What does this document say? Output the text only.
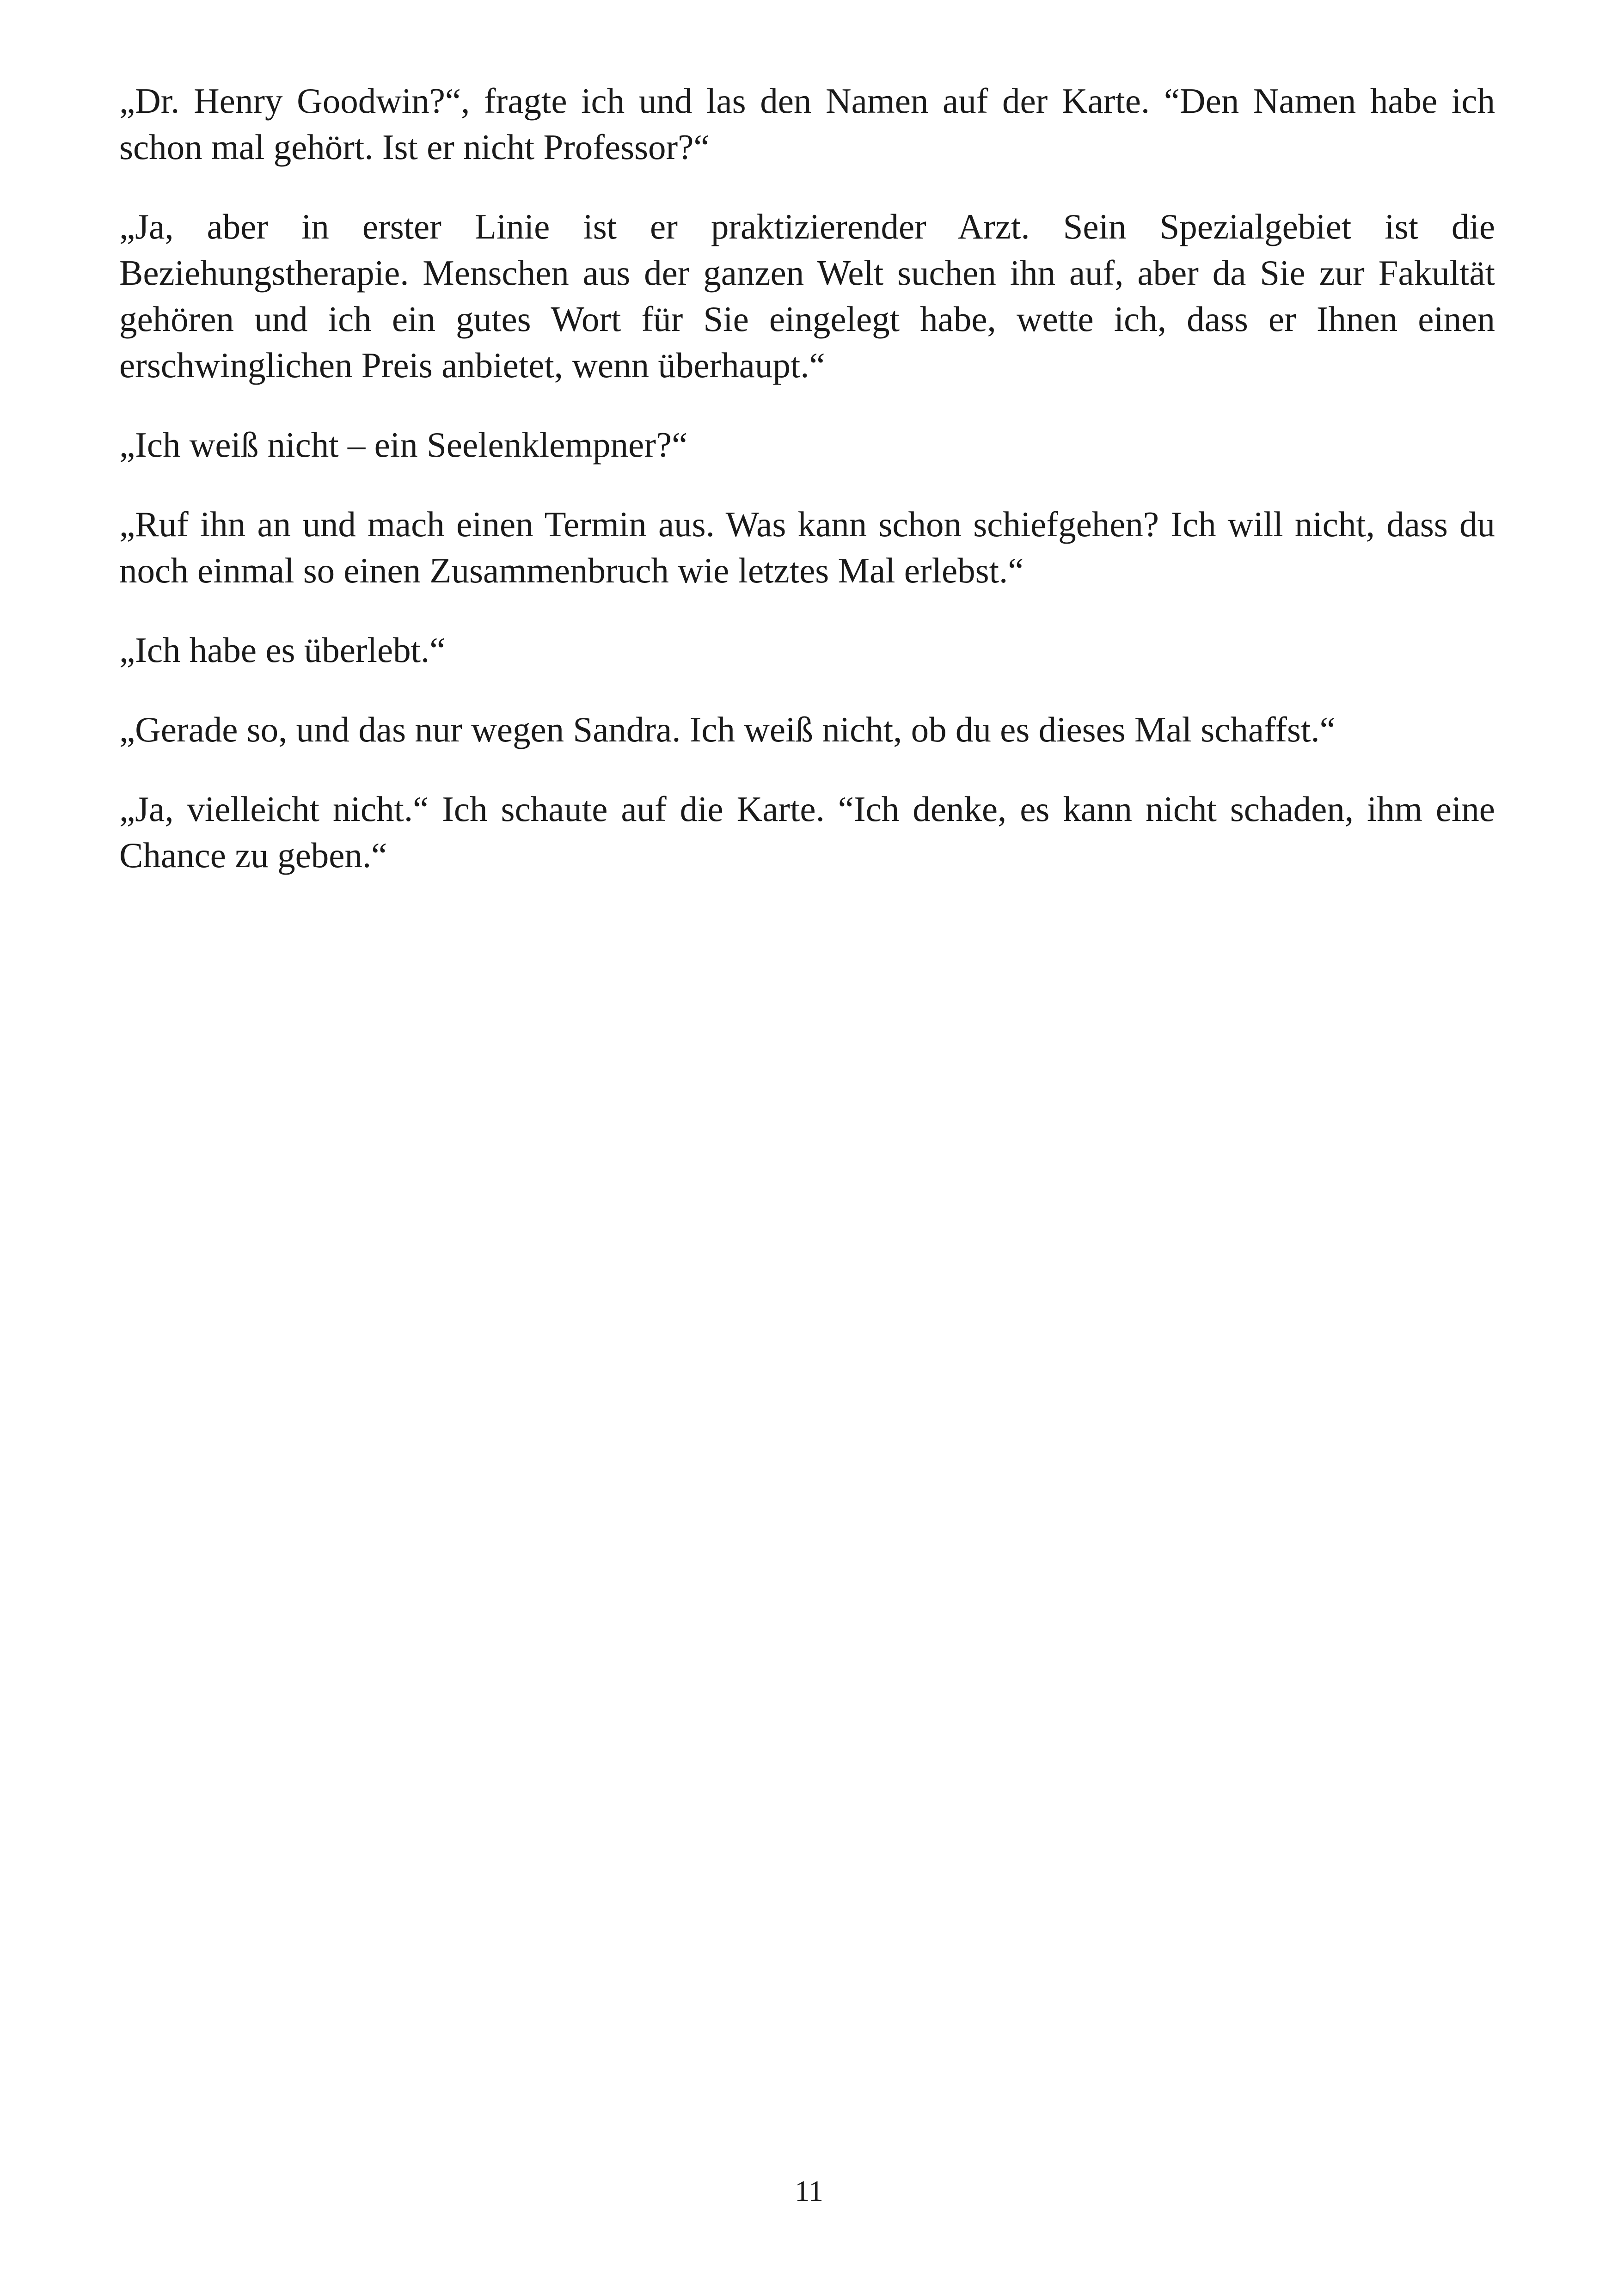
„Dr. Henry Goodwin?“, fragte ich und las den Namen auf der Karte. “Den Namen habe ich schon mal gehört. Ist er nicht Professor?“

„Ja, aber in erster Linie ist er praktizierender Arzt. Sein Spezialgebiet ist die Beziehungstherapie. Menschen aus der ganzen Welt suchen ihn auf, aber da Sie zur Fakultät gehören und ich ein gutes Wort für Sie eingelegt habe, wette ich, dass er Ihnen einen erschwinglichen Preis anbietet, wenn überhaupt.“

„Ich weiß nicht – ein Seelenklempner?“

„Ruf ihn an und mach einen Termin aus. Was kann schon schiefgehen? Ich will nicht, dass du noch einmal so einen Zusammenbruch wie letztes Mal erlebst.“

„Ich habe es überlebt.“

„Gerade so, und das nur wegen Sandra. Ich weiß nicht, ob du es dieses Mal schaffst.“

„Ja, vielleicht nicht.“ Ich schaute auf die Karte. “Ich denke, es kann nicht schaden, ihm eine Chance zu geben.“

11
